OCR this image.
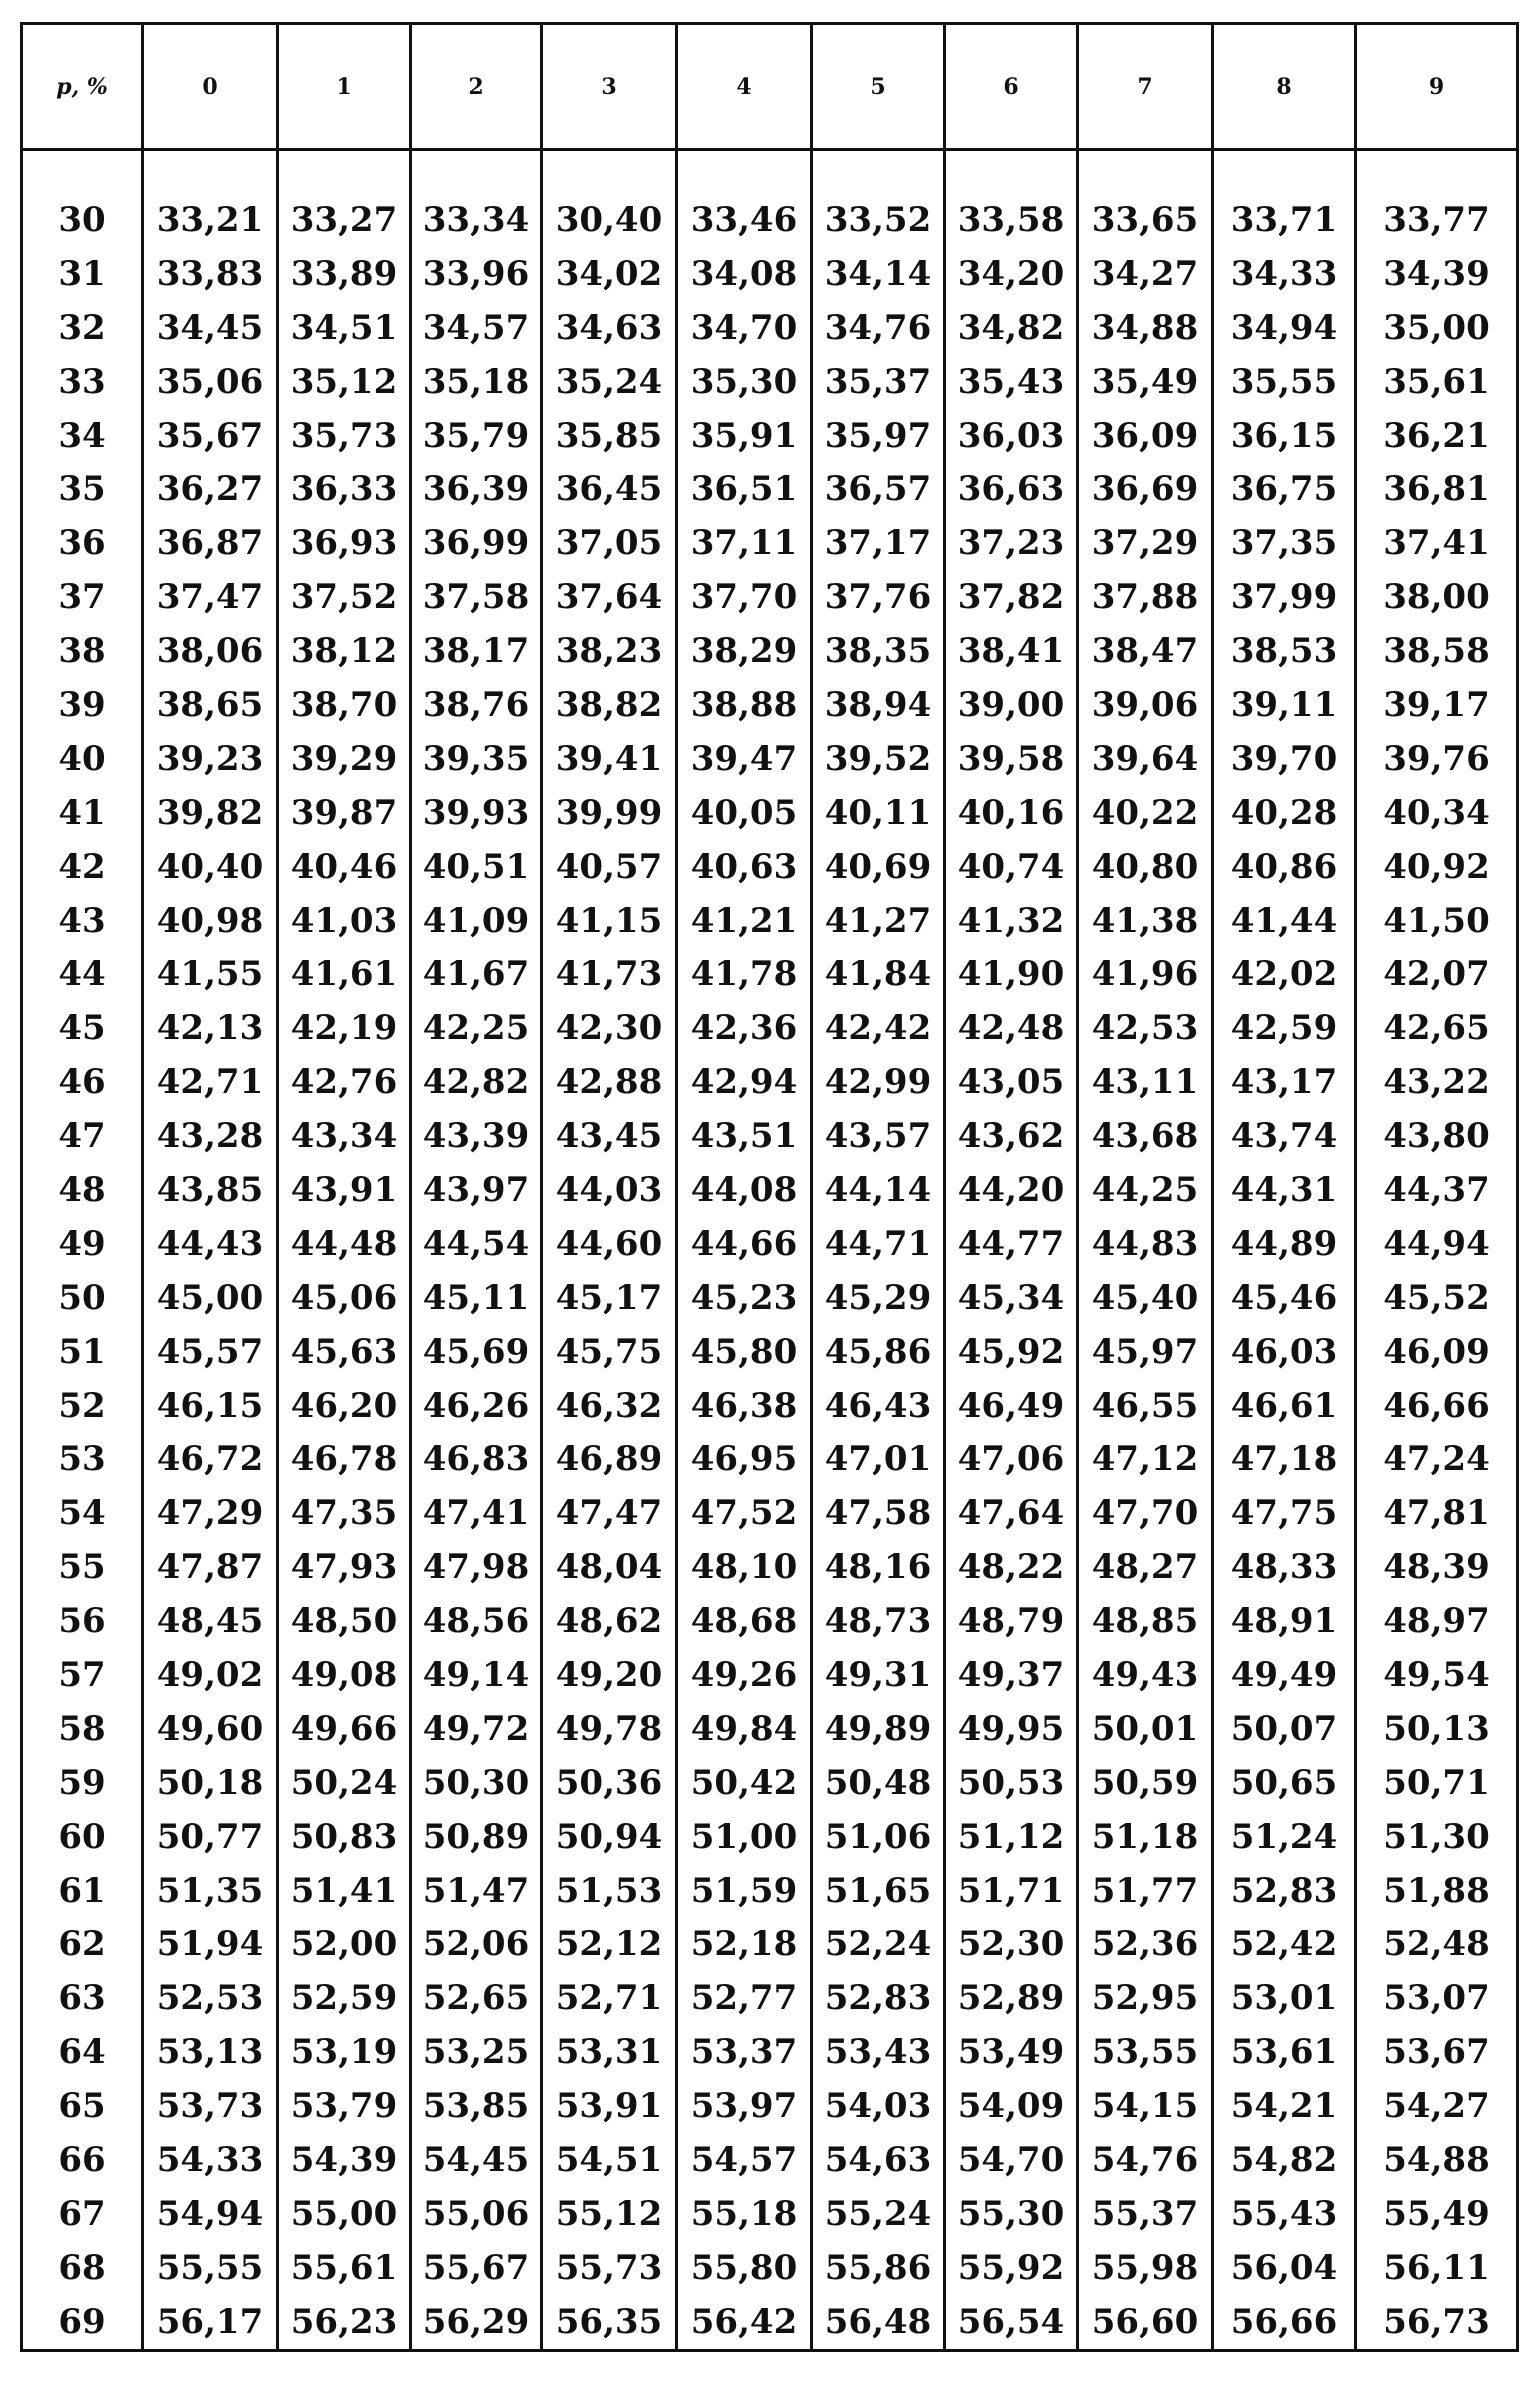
p, %	0	1	2	3	4	5	6	7	8	9

30	33,21	33,27	33,34	30,40	33,46	33,52	33,58	33,65	33,71	33,77
31	33,83	33,89	33,96	34,02	34,08	34,14	34,20	34,27	34,33	34,39
32	34,45	34,51	34,57	34,63	34,70	34,76	34,82	34,88	34,94	35,00
33	35,06	35,12	35,18	35,24	35,30	35,37	35,43	35,49	35,55	35,61
34	35,67	35,73	35,79	35,85	35,91	35,97	36,03	36,09	36,15	36,21
35	36,27	36,33	36,39	36,45	36,51	36,57	36,63	36,69	36,75	36,81
36	36,87	36,93	36,99	37,05	37,11	37,17	37,23	37,29	37,35	37,41
37	37,47	37,52	37,58	37,64	37,70	37,76	37,82	37,88	37,99	38,00
38	38,06	38,12	38,17	38,23	38,29	38,35	38,41	38,47	38,53	38,58
39	38,65	38,70	38,76	38,82	38,88	38,94	39,00	39,06	39,11	39,17
40	39,23	39,29	39,35	39,41	39,47	39,52	39,58	39,64	39,70	39,76
41	39,82	39,87	39,93	39,99	40,05	40,11	40,16	40,22	40,28	40,34
42	40,40	40,46	40,51	40,57	40,63	40,69	40,74	40,80	40,86	40,92
43	40,98	41,03	41,09	41,15	41,21	41,27	41,32	41,38	41,44	41,50
44	41,55	41,61	41,67	41,73	41,78	41,84	41,90	41,96	42,02	42,07
45	42,13	42,19	42,25	42,30	42,36	42,42	42,48	42,53	42,59	42,65
46	42,71	42,76	42,82	42,88	42,94	42,99	43,05	43,11	43,17	43,22
47	43,28	43,34	43,39	43,45	43,51	43,57	43,62	43,68	43,74	43,80
48	43,85	43,91	43,97	44,03	44,08	44,14	44,20	44,25	44,31	44,37
49	44,43	44,48	44,54	44,60	44,66	44,71	44,77	44,83	44,89	44,94
50	45,00	45,06	45,11	45,17	45,23	45,29	45,34	45,40	45,46	45,52
51	45,57	45,63	45,69	45,75	45,80	45,86	45,92	45,97	46,03	46,09
52	46,15	46,20	46,26	46,32	46,38	46,43	46,49	46,55	46,61	46,66
53	46,72	46,78	46,83	46,89	46,95	47,01	47,06	47,12	47,18	47,24
54	47,29	47,35	47,41	47,47	47,52	47,58	47,64	47,70	47,75	47,81
55	47,87	47,93	47,98	48,04	48,10	48,16	48,22	48,27	48,33	48,39
56	48,45	48,50	48,56	48,62	48,68	48,73	48,79	48,85	48,91	48,97
57	49,02	49,08	49,14	49,20	49,26	49,31	49,37	49,43	49,49	49,54
58	49,60	49,66	49,72	49,78	49,84	49,89	49,95	50,01	50,07	50,13
59	50,18	50,24	50,30	50,36	50,42	50,48	50,53	50,59	50,65	50,71
60	50,77	50,83	50,89	50,94	51,00	51,06	51,12	51,18	51,24	51,30
61	51,35	51,41	51,47	51,53	51,59	51,65	51,71	51,77	52,83	51,88
62	51,94	52,00	52,06	52,12	52,18	52,24	52,30	52,36	52,42	52,48
63	52,53	52,59	52,65	52,71	52,77	52,83	52,89	52,95	53,01	53,07
64	53,13	53,19	53,25	53,31	53,37	53,43	53,49	53,55	53,61	53,67
65	53,73	53,79	53,85	53,91	53,97	54,03	54,09	54,15	54,21	54,27
66	54,33	54,39	54,45	54,51	54,57	54,63	54,70	54,76	54,82	54,88
67	54,94	55,00	55,06	55,12	55,18	55,24	55,30	55,37	55,43	55,49
68	55,55	55,61	55,67	55,73	55,80	55,86	55,92	55,98	56,04	56,11
69	56,17	56,23	56,29	56,35	56,42	56,48	56,54	56,60	56,66	56,73
